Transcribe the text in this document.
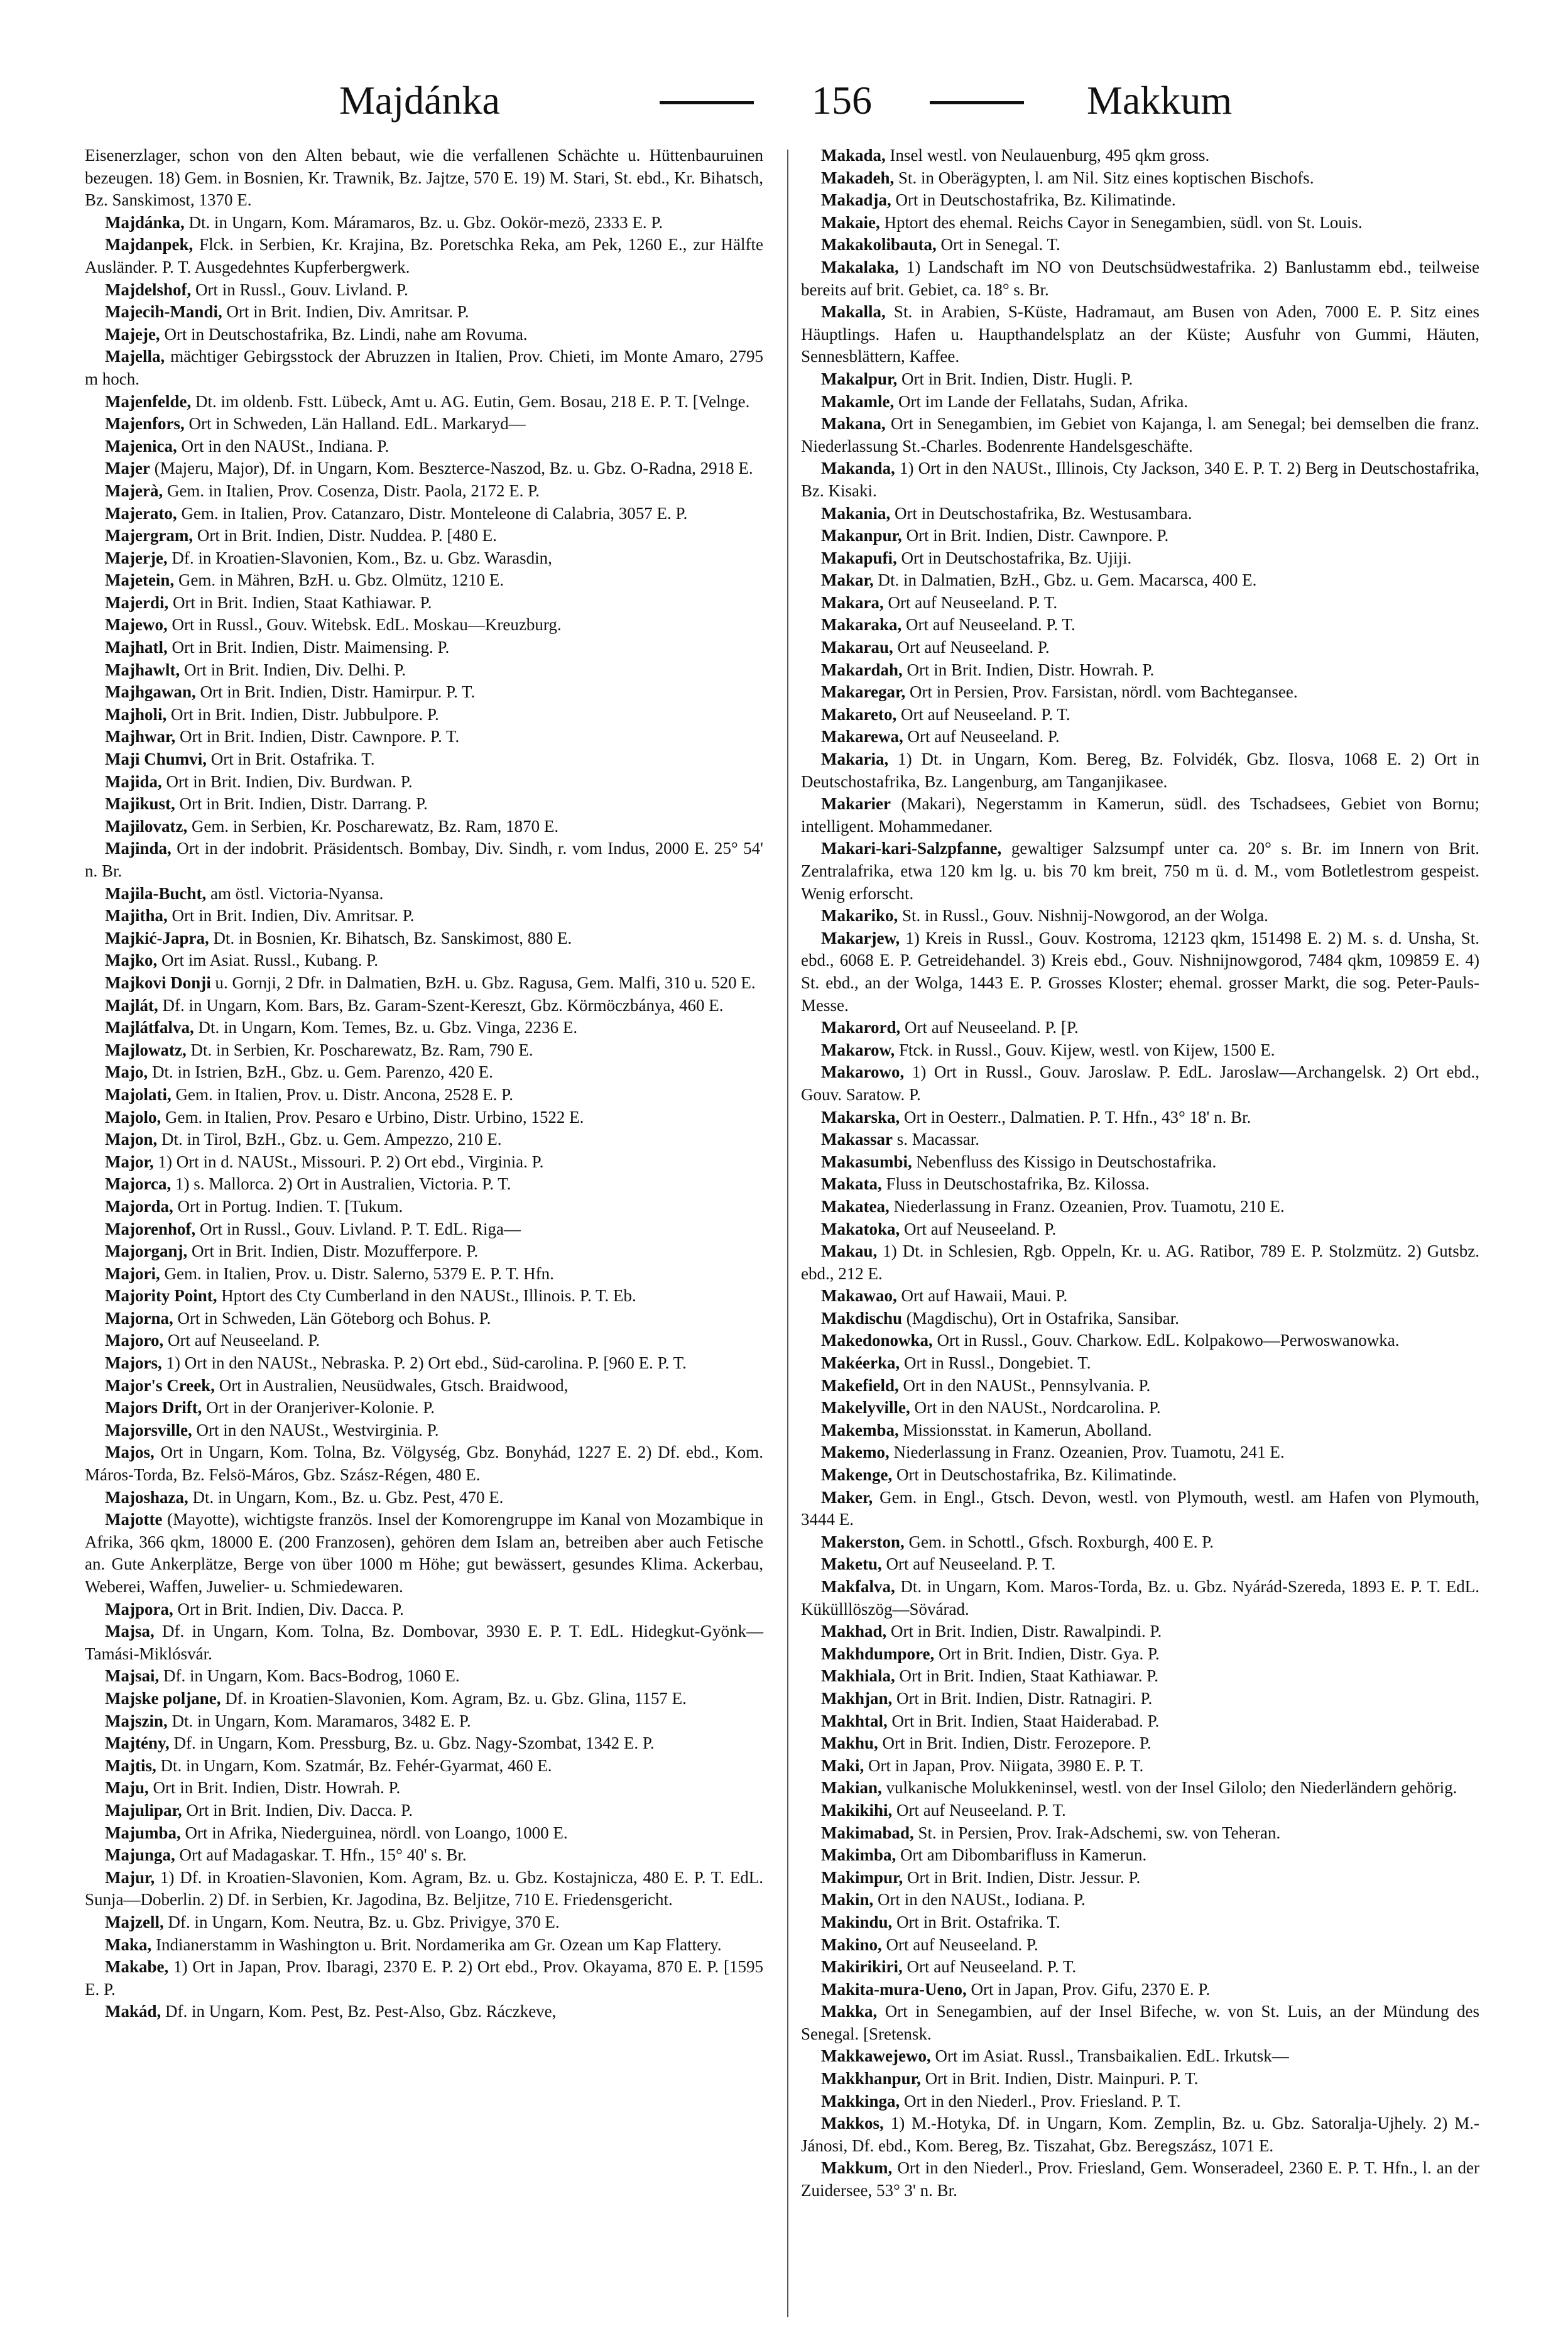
Majdánka	156	Makkum

Eisenerzlager, schon von den Alten bebaut, wie die verfallenen Schächte u. Hüttenbauruinen bezeugen. 18) Gem. in Bosnien, Kr. Trawnik, Bz. Jajtze, 570 E. 19) M. Stari, St. ebd., Kr. Bihatsch, Bz. Sanskimost, 1370 E.

Majdánka, Dt. in Ungarn, Kom. Máramaros, Bz. u. Gbz. Ookör-mezö, 2333 E. P.

Majdanpek, Flck. in Serbien, Kr. Krajina, Bz. Poretschka Reka, am Pek, 1260 E., zur Hälfte Ausländer. P. T. Ausgedehntes Kupferbergwerk.

Majdelshof, Ort in Russl., Gouv. Livland. P.

Majecih-Mandi, Ort in Brit. Indien, Div. Amritsar. P.

Majeje, Ort in Deutschostafrika, Bz. Lindi, nahe am Rovuma.

Majella, mächtiger Gebirgsstock der Abruzzen in Italien, Prov. Chieti, im Monte Amaro, 2795 m hoch.

Majenfelde, Dt. im oldenb. Fstt. Lübeck, Amt u. AG. Eutin, Gem. Bosau, 218 E. P. T. [Velnge.

Majenfors, Ort in Schweden, Län Halland. EdL. Markaryd—

Majenica, Ort in den NAUSt., Indiana. P.

Majer (Majeru, Major), Df. in Ungarn, Kom. Beszterce-Naszod, Bz. u. Gbz. O-Radna, 2918 E.

Majerà, Gem. in Italien, Prov. Cosenza, Distr. Paola, 2172 E. P.

Majerato, Gem. in Italien, Prov. Catanzaro, Distr. Monteleone di Calabria, 3057 E. P.

Majergram, Ort in Brit. Indien, Distr. Nuddea. P. [480 E.

Majerje, Df. in Kroatien-Slavonien, Kom., Bz. u. Gbz. Warasdin,

Majetein, Gem. in Mähren, BzH. u. Gbz. Olmütz, 1210 E.

Majerdi, Ort in Brit. Indien, Staat Kathiawar. P.

Majewo, Ort in Russl., Gouv. Witebsk. EdL. Moskau—Kreuzburg.

Majhatl, Ort in Brit. Indien, Distr. Maimensing. P.

Majhawlt, Ort in Brit. Indien, Div. Delhi. P.

Majhgawan, Ort in Brit. Indien, Distr. Hamirpur. P. T.

Majholi, Ort in Brit. Indien, Distr. Jubbulpore. P.

Majhwar, Ort in Brit. Indien, Distr. Cawnpore. P. T.

Maji Chumvi, Ort in Brit. Ostafrika. T.

Majida, Ort in Brit. Indien, Div. Burdwan. P.

Majikust, Ort in Brit. Indien, Distr. Darrang. P.

Majilovatz, Gem. in Serbien, Kr. Poscharewatz, Bz. Ram, 1870 E.

Majinda, Ort in der indobrit. Präsidentsch. Bombay, Div. Sindh, r. vom Indus, 2000 E. 25° 54' n. Br.

Majila-Bucht, am östl. Victoria-Nyansa.

Majitha, Ort in Brit. Indien, Div. Amritsar. P.

Majkić-Japra, Dt. in Bosnien, Kr. Bihatsch, Bz. Sanskimost, 880 E.

Majko, Ort im Asiat. Russl., Kubang. P.

Majkovi Donji u. Gornji, 2 Dfr. in Dalmatien, BzH. u. Gbz. Ragusa, Gem. Malfi, 310 u. 520 E.

Majlát, Df. in Ungarn, Kom. Bars, Bz. Garam-Szent-Kereszt, Gbz. Körmöczbánya, 460 E.

Majlátfalva, Dt. in Ungarn, Kom. Temes, Bz. u. Gbz. Vinga, 2236 E.

Majlowatz, Dt. in Serbien, Kr. Poscharewatz, Bz. Ram, 790 E.

Majo, Dt. in Istrien, BzH., Gbz. u. Gem. Parenzo, 420 E.

Majolati, Gem. in Italien, Prov. u. Distr. Ancona, 2528 E. P.

Majolo, Gem. in Italien, Prov. Pesaro e Urbino, Distr. Urbino, 1522 E.

Majon, Dt. in Tirol, BzH., Gbz. u. Gem. Ampezzo, 210 E.

Major, 1) Ort in d. NAUSt., Missouri. P. 2) Ort ebd., Virginia. P.

Majorca, 1) s. Mallorca. 2) Ort in Australien, Victoria. P. T.

Majorda, Ort in Portug. Indien. T. [Tukum.

Majorenhof, Ort in Russl., Gouv. Livland. P. T. EdL. Riga—

Majorganj, Ort in Brit. Indien, Distr. Mozufferpore. P.

Majori, Gem. in Italien, Prov. u. Distr. Salerno, 5379 E. P. T. Hfn.

Majority Point, Hptort des Cty Cumberland in den NAUSt., Illinois. P. T. Eb.

Majorna, Ort in Schweden, Län Göteborg och Bohus. P.

Majoro, Ort auf Neuseeland. P.

Majors, 1) Ort in den NAUSt., Nebraska. P. 2) Ort ebd., Süd-carolina. P. [960 E. P. T.

Major's Creek, Ort in Australien, Neusüdwales, Gtsch. Braidwood,

Majors Drift, Ort in der Oranjeriver-Kolonie. P.

Majorsville, Ort in den NAUSt., Westvirginia. P.

Majos, Ort in Ungarn, Kom. Tolna, Bz. Völgység, Gbz. Bonyhád, 1227 E. 2) Df. ebd., Kom. Máros-Torda, Bz. Felsö-Máros, Gbz. Szász-Régen, 480 E.

Majoshaza, Dt. in Ungarn, Kom., Bz. u. Gbz. Pest, 470 E.

Majotte (Mayotte), wichtigste französ. Insel der Komorengruppe im Kanal von Mozambique in Afrika, 366 qkm, 18000 E. (200 Franzosen), gehören dem Islam an, betreiben aber auch Fetische an. Gute Ankerplätze, Berge von über 1000 m Höhe; gut bewässert, gesundes Klima. Ackerbau, Weberei, Waffen, Juwelier- u. Schmiedewaren.

Majpora, Ort in Brit. Indien, Div. Dacca. P.

Majsa, Df. in Ungarn, Kom. Tolna, Bz. Dombovar, 3930 E. P. T. EdL. Hidegkut-Gyönk—Tamási-Miklósvár.

Majsai, Df. in Ungarn, Kom. Bacs-Bodrog, 1060 E.

Majske poljane, Df. in Kroatien-Slavonien, Kom. Agram, Bz. u. Gbz. Glina, 1157 E.

Majszin, Dt. in Ungarn, Kom. Maramaros, 3482 E. P.

Majtény, Df. in Ungarn, Kom. Pressburg, Bz. u. Gbz. Nagy-Szombat, 1342 E. P.

Majtis, Dt. in Ungarn, Kom. Szatmár, Bz. Fehér-Gyarmat, 460 E.

Maju, Ort in Brit. Indien, Distr. Howrah. P.

Majulipar, Ort in Brit. Indien, Div. Dacca. P.

Majumba, Ort in Afrika, Niederguinea, nördl. von Loango, 1000 E.

Majunga, Ort auf Madagaskar. T. Hfn., 15° 40' s. Br.

Majur, 1) Df. in Kroatien-Slavonien, Kom. Agram, Bz. u. Gbz. Kostajnicza, 480 E. P. T. EdL. Sunja—Doberlin. 2) Df. in Serbien, Kr. Jagodina, Bz. Beljitze, 710 E. Friedensgericht.

Majzell, Df. in Ungarn, Kom. Neutra, Bz. u. Gbz. Privigye, 370 E.

Maka, Indianerstamm in Washington u. Brit. Nordamerika am Gr. Ozean um Kap Flattery.

Makabe, 1) Ort in Japan, Prov. Ibaragi, 2370 E. P. 2) Ort ebd., Prov. Okayama, 870 E. P. [1595 E. P.

Makád, Df. in Ungarn, Kom. Pest, Bz. Pest-Also, Gbz. Ráczkeve,

Makada, Insel westl. von Neulauenburg, 495 qkm gross.

Makadeh, St. in Oberägypten, l. am Nil. Sitz eines koptischen Bischofs.

Makadja, Ort in Deutschostafrika, Bz. Kilimatinde.

Makaie, Hptort des ehemal. Reichs Cayor in Senegambien, südl. von St. Louis.

Makakolibauta, Ort in Senegal. T.

Makalaka, 1) Landschaft im NO von Deutschsüdwestafrika. 2) Banlustamm ebd., teilweise bereits auf brit. Gebiet, ca. 18° s. Br.

Makalla, St. in Arabien, S-Küste, Hadramaut, am Busen von Aden, 7000 E. P. Sitz eines Häuptlings. Hafen u. Haupthandelsplatz an der Küste; Ausfuhr von Gummi, Häuten, Sennesblättern, Kaffee.

Makalpur, Ort in Brit. Indien, Distr. Hugli. P.

Makamle, Ort im Lande der Fellatahs, Sudan, Afrika.

Makana, Ort in Senegambien, im Gebiet von Kajanga, l. am Senegal; bei demselben die franz. Niederlassung St.-Charles. Bodenrente Handelsgeschäfte.

Makanda, 1) Ort in den NAUSt., Illinois, Cty Jackson, 340 E. P. T. 2) Berg in Deutschostafrika, Bz. Kisaki.

Makania, Ort in Deutschostafrika, Bz. Westusambara.

Makanpur, Ort in Brit. Indien, Distr. Cawnpore. P.

Makapufi, Ort in Deutschostafrika, Bz. Ujiji.

Makar, Dt. in Dalmatien, BzH., Gbz. u. Gem. Macarsca, 400 E.

Makara, Ort auf Neuseeland. P. T.

Makaraka, Ort auf Neuseeland. P. T.

Makarau, Ort auf Neuseeland. P.

Makardah, Ort in Brit. Indien, Distr. Howrah. P.

Makaregar, Ort in Persien, Prov. Farsistan, nördl. vom Bachtegansee.

Makareto, Ort auf Neuseeland. P. T.

Makarewa, Ort auf Neuseeland. P.

Makaria, 1) Dt. in Ungarn, Kom. Bereg, Bz. Folvidék, Gbz. Ilosva, 1068 E. 2) Ort in Deutschostafrika, Bz. Langenburg, am Tanganjikasee.

Makarier (Makari), Negerstamm in Kamerun, südl. des Tschadsees, Gebiet von Bornu; intelligent. Mohammedaner.

Makari-kari-Salzpfanne, gewaltiger Salzsumpf unter ca. 20° s. Br. im Innern von Brit. Zentralafrika, etwa 120 km lg. u. bis 70 km breit, 750 m ü. d. M., vom Botletlestrom gespeist. Wenig erforscht.

Makariko, St. in Russl., Gouv. Nishnij-Nowgorod, an der Wolga.

Makarjew, 1) Kreis in Russl., Gouv. Kostroma, 12123 qkm, 151498 E. 2) M. s. d. Unsha, St. ebd., 6068 E. P. Getreidehandel. 3) Kreis ebd., Gouv. Nishnijnowgorod, 7484 qkm, 109859 E. 4) St. ebd., an der Wolga, 1443 E. P. Grosses Kloster; ehemal. grosser Markt, die sog. Peter-Pauls-Messe.

Makarord, Ort auf Neuseeland. P. [P.

Makarow, Ftck. in Russl., Gouv. Kijew, westl. von Kijew, 1500 E.

Makarowo, 1) Ort in Russl., Gouv. Jaroslaw. P. EdL. Jaroslaw—Archangelsk. 2) Ort ebd., Gouv. Saratow. P.

Makarska, Ort in Oesterr., Dalmatien. P. T. Hfn., 43° 18' n. Br.

Makassar s. Macassar.

Makasumbi, Nebenfluss des Kissigo in Deutschostafrika.

Makata, Fluss in Deutschostafrika, Bz. Kilossa.

Makatea, Niederlassung in Franz. Ozeanien, Prov. Tuamotu, 210 E.

Makatoka, Ort auf Neuseeland. P.

Makau, 1) Dt. in Schlesien, Rgb. Oppeln, Kr. u. AG. Ratibor, 789 E. P. Stolzmütz. 2) Gutsbz. ebd., 212 E.

Makawao, Ort auf Hawaii, Maui. P.

Makdischu (Magdischu), Ort in Ostafrika, Sansibar.

Makedonowka, Ort in Russl., Gouv. Charkow. EdL. Kolpakowo—Perwoswanowka.

Makéerka, Ort in Russl., Dongebiet. T.

Makefield, Ort in den NAUSt., Pennsylvania. P.

Makelyville, Ort in den NAUSt., Nordcarolina. P.

Makemba, Missionsstat. in Kamerun, Abolland.

Makemo, Niederlassung in Franz. Ozeanien, Prov. Tuamotu, 241 E.

Makenge, Ort in Deutschostafrika, Bz. Kilimatinde.

Maker, Gem. in Engl., Gtsch. Devon, westl. von Plymouth, westl. am Hafen von Plymouth, 3444 E.

Makerston, Gem. in Schottl., Gfsch. Roxburgh, 400 E. P.

Maketu, Ort auf Neuseeland. P. T.

Makfalva, Dt. in Ungarn, Kom. Maros-Torda, Bz. u. Gbz. Nyárád-Szereda, 1893 E. P. T. EdL. Kükülllöszög—Sövárad.

Makhad, Ort in Brit. Indien, Distr. Rawalpindi. P.

Makhdumpore, Ort in Brit. Indien, Distr. Gya. P.

Makhiala, Ort in Brit. Indien, Staat Kathiawar. P.

Makhjan, Ort in Brit. Indien, Distr. Ratnagiri. P.

Makhtal, Ort in Brit. Indien, Staat Haiderabad. P.

Makhu, Ort in Brit. Indien, Distr. Ferozepore. P.

Maki, Ort in Japan, Prov. Niigata, 3980 E. P. T.

Makian, vulkanische Molukkeninsel, westl. von der Insel Gilolo; den Niederländern gehörig.

Makikihi, Ort auf Neuseeland. P. T.

Makimabad, St. in Persien, Prov. Irak-Adschemi, sw. von Teheran.

Makimba, Ort am Dibombarifluss in Kamerun.

Makimpur, Ort in Brit. Indien, Distr. Jessur. P.

Makin, Ort in den NAUSt., Iodiana. P.

Makindu, Ort in Brit. Ostafrika. T.

Makino, Ort auf Neuseeland. P.

Makirikiri, Ort auf Neuseeland. P. T.

Makita-mura-Ueno, Ort in Japan, Prov. Gifu, 2370 E. P.

Makka, Ort in Senegambien, auf der Insel Bifeche, w. von St. Luis, an der Mündung des Senegal. [Sretensk.

Makkawejewo, Ort im Asiat. Russl., Transbaikalien. EdL. Irkutsk—

Makkhanpur, Ort in Brit. Indien, Distr. Mainpuri. P. T.

Makkinga, Ort in den Niederl., Prov. Friesland. P. T.

Makkos, 1) M.-Hotyka, Df. in Ungarn, Kom. Zemplin, Bz. u. Gbz. Satoralja-Ujhely. 2) M.-Jánosi, Df. ebd., Kom. Bereg, Bz. Tiszahat, Gbz. Beregszász, 1071 E.

Makkum, Ort in den Niederl., Prov. Friesland, Gem. Wonseradeel, 2360 E. P. T. Hfn., l. an der Zuidersee, 53° 3' n. Br.
